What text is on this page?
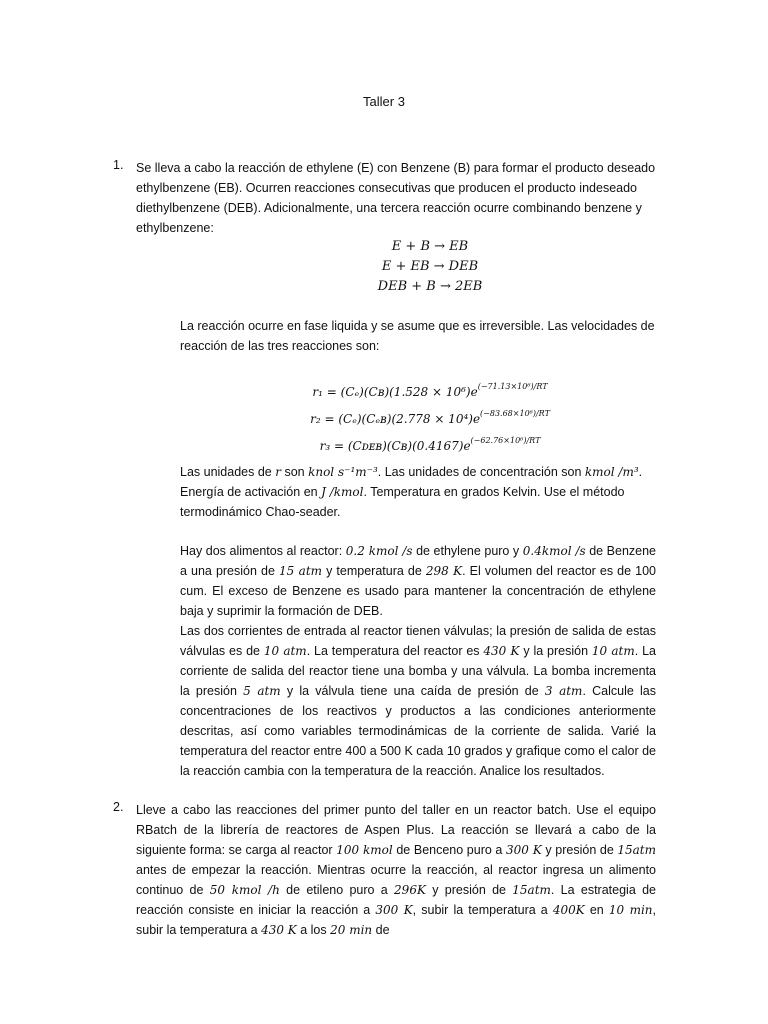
Taller 3
1. Se lleva a cabo la reacción de ethylene (E) con Benzene (B) para formar el producto deseado ethylbenzene (EB). Ocurren reacciones consecutivas que producen el producto indeseado diethylbenzene (DEB). Adicionalmente, una tercera reacción ocurre combinando benzene y ethylbenzene:
E + B → EB
E + EB → DEB
DEB + B → 2EB
La reacción ocurre en fase liquida y se asume que es irreversible. Las velocidades de reacción de las tres reacciones son:
r₁ = (Cₑ)(Cʙ)(1.528 × $10^6)e^{(-71.13\times 10^6)/RT}$
r₂ = (Cₑ)(Cₑʙ)(2.778 × $10^4)e^{(-83.68\times 10^6)/RT}$
$r_3 = (Cᴅᴇʙ)(Cʙ)(0.4167)e^{(-62.76\times 10^6)/RT}$
Las unidades de r son knol s⁻¹m⁻³. Las unidades de concentración son kmol /m³.
Energía de activación en J /kmol. Temperatura en grados Kelvin. Use el método termodinámico Chao-seader.

Hay dos alimentos al reactor: 0.2 kmol /s de ethylene puro y 0.4kmol /s de Benzene a una presión de 15 atm y temperatura de 298 K. El volumen del reactor es de 100 cum. El exceso de Benzene es usado para mantener la concentración de ethylene baja y suprimir la formación de DEB.

Las dos corrientes de entrada al reactor tienen válvulas; la presión de salida de estas válvulas es de 10 atm. La temperatura del reactor es 430 K y la presión 10 atm. La corriente de salida del reactor tiene una bomba y una válvula. La bomba incrementa la presión 5 atm y la válvula tiene una caída de presión de 3 atm. Calcule las concentraciones de los reactivos y productos a las condiciones anteriormente descritas, así como variables termodinámicas de la corriente de salida. Varié la temperatura del reactor entre 400 a 500 K cada 10 grados y grafique como el calor de la reacción cambia con la temperatura de la reacción. Analice los resultados.

2. Lleve a cabo las reacciones del primer punto del taller en un reactor batch. Use el equipo RBatch de la librería de reactores de Aspen Plus. La reacción se llevará a cabo de la siguiente forma: se carga al reactor 100 kmol de Benceno puro a 300 K y presión de 15atm antes de empezar la reacción. Mientras ocurre la reacción, al reactor ingresa un alimento continuo de 50 kmol /h de etileno puro a 296K y presión de 15atm. La estrategia de reacción consiste en iniciar la reacción a 300 K, subir la temperatura a 400K en 10 min, subir la temperatura a 430 K a los 20 min de
